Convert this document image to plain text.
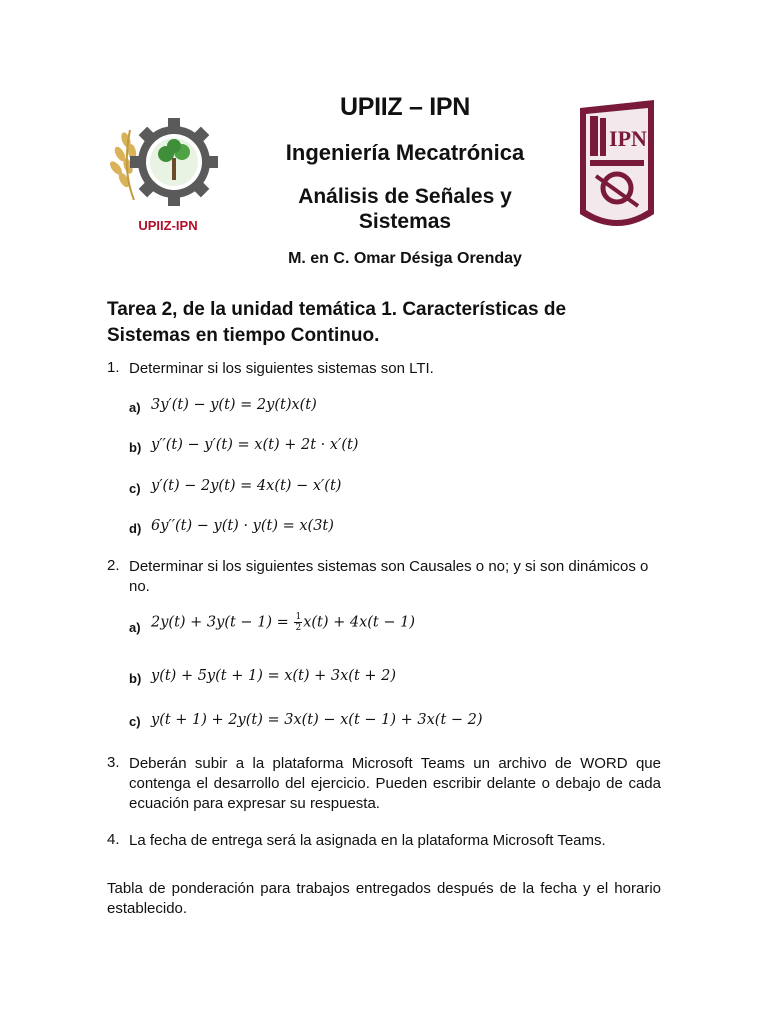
UPIIZ-IPN
IPN
UPIIZ – IPN
Ingeniería Mecatrónica
Análisis de Señales y
Sistemas
M. en C. Omar Désiga Orenday
Tarea 2, de la unidad temática 1. Características de
Sistemas en tiempo Continuo.
1. Determinar si los siguientes sistemas son LTI.
a) 3y′(t) − y(t) = 2y(t)x(t)
b) y′′(t) − y′(t) = x(t) + 2t · x′(t)
c) y′(t) − 2y(t) = 4x(t) − x′(t)
d) 6y′′(t) − y(t) · y(t) = x(3t)
2. Determinar si los siguientes sistemas son Causales o no; y si son dinámicos o
no.
a) $2y(t) + 3y(t - 1) = \frac{1}{2} x(t) + 4x(t - 1)$
b) y(t) + 5y(t + 1) = x(t) + 3x(t + 2)
c) y(t + 1) + 2y(t) = 3x(t) − x(t − 1) + 3x(t − 2)
3. Deberán subir a la plataforma Microsoft Teams un archivo de WORD que contenga el desarrollo del ejercicio. Pueden escribir delante o debajo de cada ecuación para expresar su respuesta.
4. La fecha de entrega será la asignada en la plataforma Microsoft Teams.
Tabla de ponderación para trabajos entregados después de la fecha y el horario establecido.
